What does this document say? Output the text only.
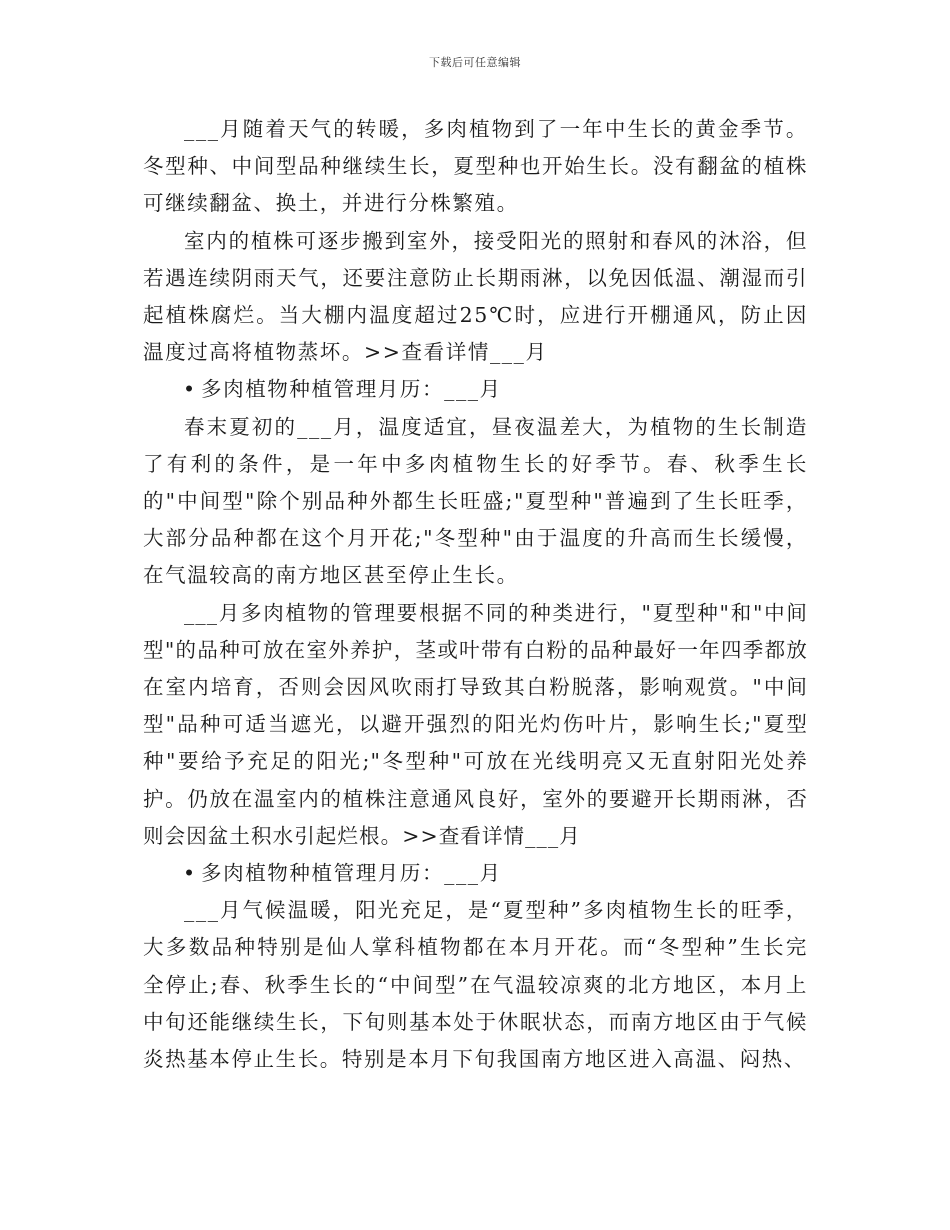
下载后可任意编辑

___月随着天气的转暖，多肉植物到了一年中生长的黄金季节。冬型种、中间型品种继续生长，夏型种也开始生长。没有翻盆的植株可继续翻盆、换土，并进行分株繁殖。

室内的植株可逐步搬到室外，接受阳光的照射和春风的沐浴，但若遇连续阴雨天气，还要注意防止长期雨淋，以免因低温、潮湿而引起植株腐烂。当大棚内温度超过25℃时，应进行开棚通风，防止因温度过高将植物蒸坏。>>查看详情___月

• 多肉植物种植管理月历：___月

春末夏初的___月，温度适宜，昼夜温差大，为植物的生长制造了有利的条件，是一年中多肉植物生长的好季节。春、秋季生长的"中间型"除个别品种外都生长旺盛;"夏型种"普遍到了生长旺季，大部分品种都在这个月开花;"冬型种"由于温度的升高而生长缓慢，在气温较高的南方地区甚至停止生长。

___月多肉植物的管理要根据不同的种类进行，"夏型种"和"中间型"的品种可放在室外养护，茎或叶带有白粉的品种最好一年四季都放在室内培育，否则会因风吹雨打导致其白粉脱落，影响观赏。"中间型"品种可适当遮光，以避开强烈的阳光灼伤叶片，影响生长;"夏型种"要给予充足的阳光;"冬型种"可放在光线明亮又无直射阳光处养护。仍放在温室内的植株注意通风良好，室外的要避开长期雨淋，否则会因盆土积水引起烂根。>>查看详情___月

• 多肉植物种植管理月历：___月

___月气候温暖，阳光充足，是“夏型种”多肉植物生长的旺季，大多数品种特别是仙人掌科植物都在本月开花。而“冬型种”生长完全停止;春、秋季生长的“中间型”在气温较凉爽的北方地区，本月上中旬还能继续生长，下旬则基本处于休眠状态，而南方地区由于气候炎热基本停止生长。特别是本月下旬我国南方地区进入高温、闷热、
